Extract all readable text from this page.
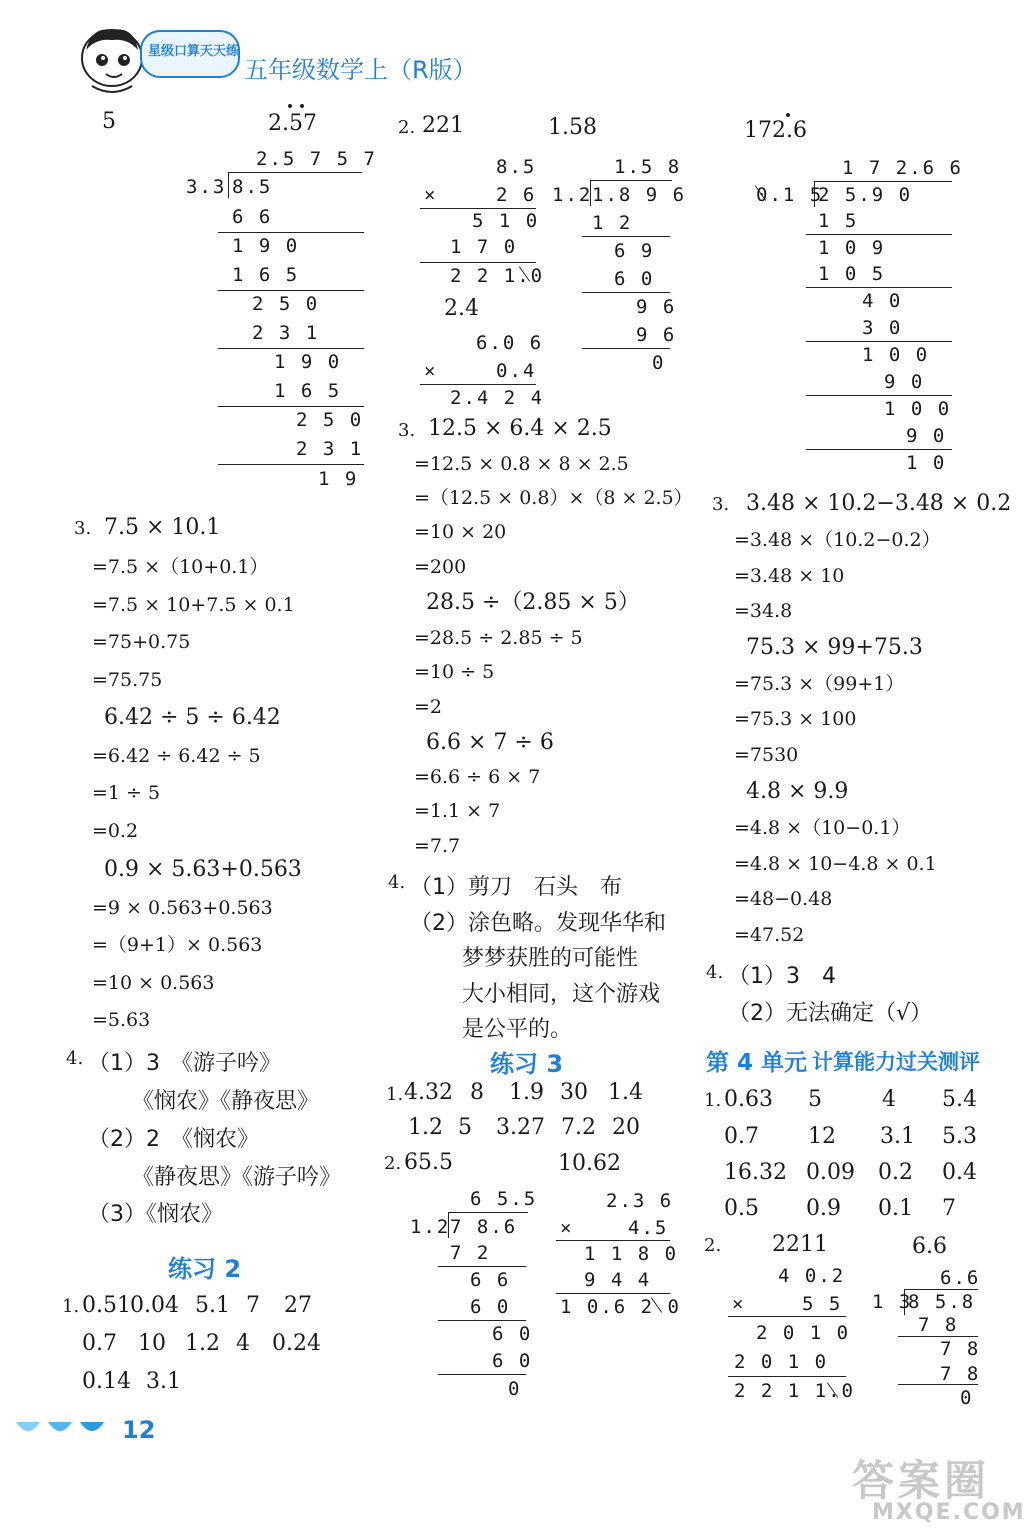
星级口算天天练
五年级数学上（R版）
5	2.57
2.5 7 5 7
3.3 8.5
6 6
1 9 0
1 6 5
2 5 0
2 3 1
1 9 0
1 6 5
2 5 0
2 3 1
1 9
3. 7.5 × 10.1
=7.5 ×（10+0.1）
=7.5 × 10+7.5 × 0.1
=75+0.75
=75.75
6.42 ÷ 5 ÷ 6.42
=6.42 ÷ 6.42 ÷ 5
=1 ÷ 5
=0.2
0.9 × 5.63+0.563
=9 × 0.563+0.563
=（9+1）× 0.563
=10 × 0.563
=5.63
4. （1）3　《游子吟》
《悯农》《静夜思》
（2）2　《悯农》
《静夜思》《游子吟》
（3）《悯农》
练习 2
1. 0.51 0.04 5.1 7 27
0.7 10 1.2 4 0.24
0.14 3.1
2. 221	1.58
8.5
×	2 6
5 1 0
1 7 0
2 2 1.0
1.5 8
1.2 1.8 9 6
1 2
6 9
6 0
9 6
9 6
0
2.4
6.0 6
×	0.4
2.4 2 4
3. 12.5 × 6.4 × 2.5
=12.5 × 0.8 × 8 × 2.5
=（12.5 × 0.8）×（8 × 2.5）
=10 × 20
=200
28.5 ÷（2.85 × 5）
=28.5 ÷ 2.85 ÷ 5
=10 ÷ 5
=2
6.6 × 7 ÷ 6
=6.6 ÷ 6 × 7
=1.1 × 7
=7.7
4. （1）剪刀　石头　布
（2）涂色略。发现华华和
梦梦获胜的可能性
大小相同，这个游戏
是公平的。
练习 3
1. 4.32 8 1.9 30 1.4
1.2 5 3.27 7.2 20
2. 65.5	10.62
6 5.5
1.2 7 8.6
7 2
6 6
6 0
6 0
6 0
0
2.3 6
×	4.5
1 1 8 0
9 4 4
1 0.6 2 0
172.6
1 7 2.6 6
0.1 5
2 5.9 0
1 5
1 0 9
1 0 5
4 0
3 0
1 0 0
9 0
1 0 0
9 0
1 0
3. 3.48 × 10.2−3.48 × 0.2
=3.48 ×（10.2−0.2）
=3.48 × 10
=34.8
75.3 × 99+75.3
=75.3 ×（99+1）
=75.3 × 100
=7530
4.8 × 9.9
=4.8 ×（10−0.1）
=4.8 × 10−4.8 × 0.1
=48−0.48
=47.52
4. （1）3　4
（2）无法确定（√）
第 4 单元 计算能力过关测评
1. 0.63 5	4 5.4
0.7 12 3.1 5.3
16.32 0.09 0.2 0.4
0.5 0.9 0.1 7
2. 2211	6.6
4 0.2
×	5 5
2 0 1 0
2 0 1 0
2 2 1 1.0
6.6
1 3
8 5.8
7 8
7 8
7 8
0
12
答案圈
MXQE.COM
